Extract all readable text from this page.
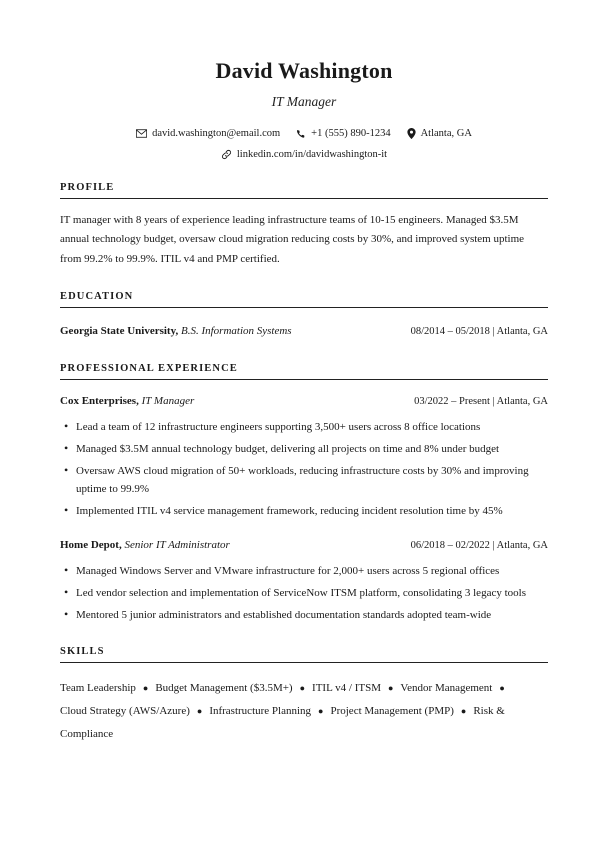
David Washington
IT Manager
david.washington@email.com	+1 (555) 890-1234	Atlanta, GA
linkedin.com/in/davidwashington-it
PROFILE
IT manager with 8 years of experience leading infrastructure teams of 10-15 engineers. Managed $3.5M annual technology budget, oversaw cloud migration reducing costs by 30%, and improved system uptime from 99.2% to 99.9%. ITIL v4 and PMP certified.
EDUCATION
Georgia State University, B.S. Information Systems	08/2014 – 05/2018 | Atlanta, GA
PROFESSIONAL EXPERIENCE
Cox Enterprises, IT Manager	03/2022 – Present | Atlanta, GA
• Lead a team of 12 infrastructure engineers supporting 3,500+ users across 8 office locations
• Managed $3.5M annual technology budget, delivering all projects on time and 8% under budget
• Oversaw AWS cloud migration of 50+ workloads, reducing infrastructure costs by 30% and improving uptime to 99.9%
• Implemented ITIL v4 service management framework, reducing incident resolution time by 45%
Home Depot, Senior IT Administrator	06/2018 – 02/2022 | Atlanta, GA
• Managed Windows Server and VMware infrastructure for 2,000+ users across 5 regional offices
• Led vendor selection and implementation of ServiceNow ITSM platform, consolidating 3 legacy tools
• Mentored 5 junior administrators and established documentation standards adopted team-wide
SKILLS
Team Leadership ● Budget Management ($3.5M+) ● ITIL v4 / ITSM ● Vendor Management ●Cloud Strategy (AWS/Azure) ● Infrastructure Planning ● Project Management (PMP) ● Risk & Compliance
